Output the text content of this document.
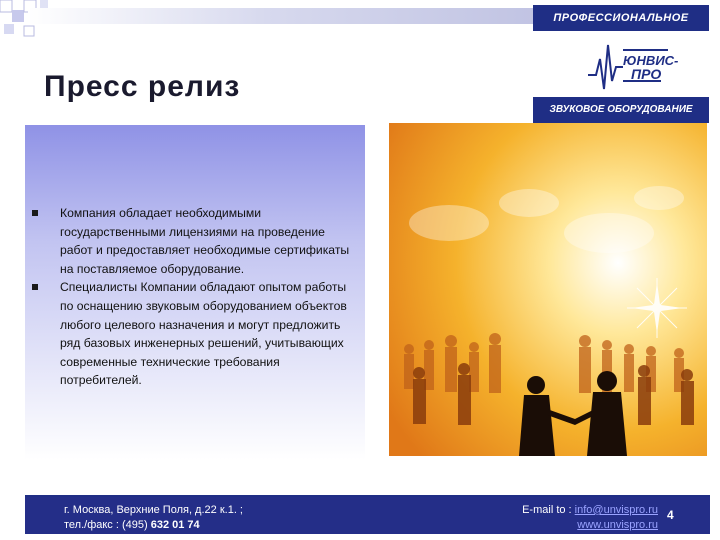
ПРОФЕССИОНАЛЬНОЕ
ЮНВИС-
ПРО
ЗВУКОВОЕ ОБОРУДОВАНИЕ
Пресс релиз
Компания обладает необходимыми государственными лицензиями на проведение работ и предоставляет необходимые сертификаты на поставляемое оборудование.
Специалисты Компании обладают опытом работы по оснащению звуковым оборудованием объектов любого целевого назначения и могут предложить ряд базовых инженерных решений, учитывающих современные технические требования потребителей.
г. Москва, Верхние Поля, д.22 к.1. ;
тел./факс : (495) 632 01 74
E-mail to : info@unvispro.ru
www.unvispro.ru
4
